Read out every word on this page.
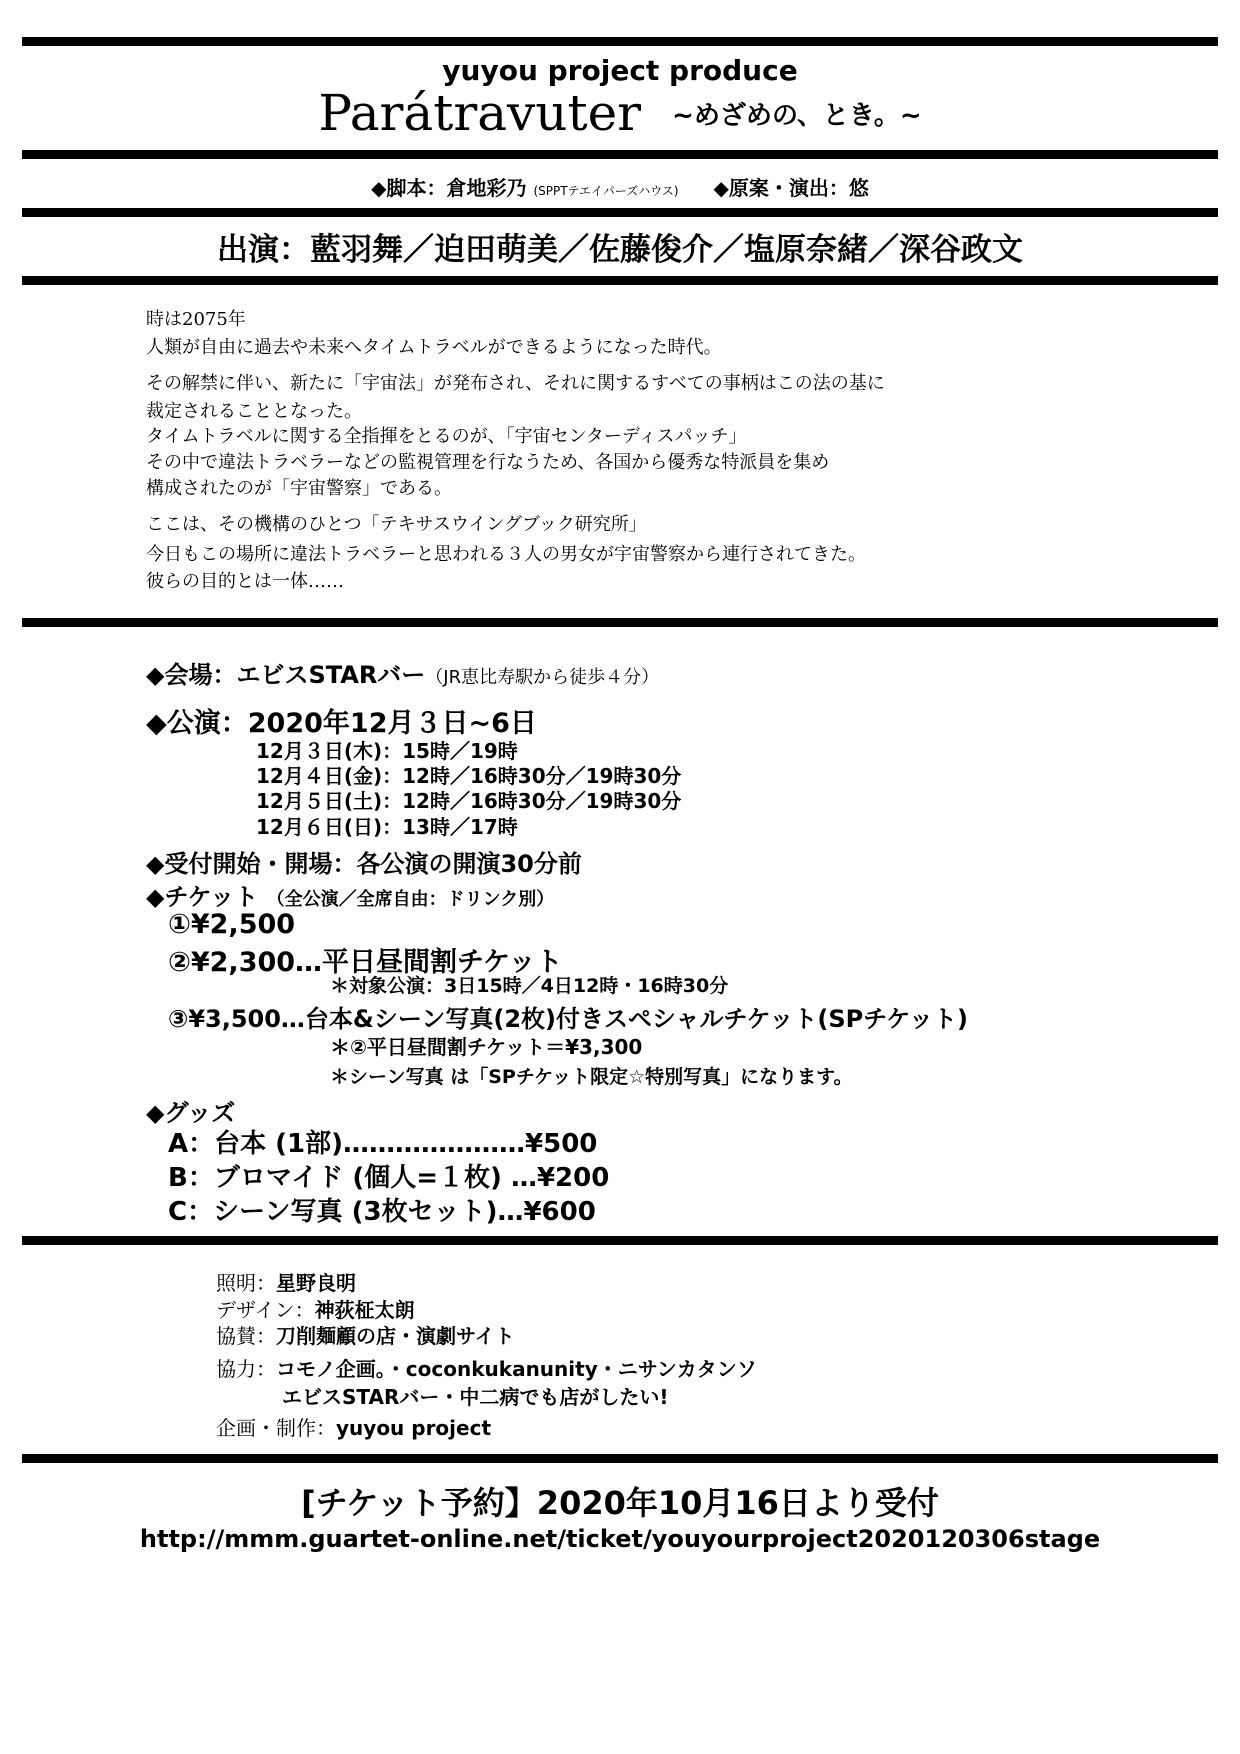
yuyou project produce
Parátravuter ~めざめの、とき。~
◆脚本：倉地彩乃 (SPPTテエイパーズハウス) ◆原案・演出：悠
出演：藍羽舞／迫田萌美／佐藤俊介／塩原奈緒／深谷政文
時は2075年
人類が自由に過去や未来へタイムトラベルができるようになった時代。
その解禁に伴い、新たに「宇宙法」が発布され、それに関するすべての事柄はこの法の基に
裁定されることとなった。
タイムトラベルに関する全指揮をとるのが、「宇宙センターディスパッチ」
その中で違法トラベラーなどの監視管理を行なうため、各国から優秀な特派員を集め
構成されたのが「宇宙警察」である。
ここは、その機構のひとつ「テキサスウイングブック研究所」
今日もこの場所に違法トラベラーと思われる３人の男女が宇宙警察から連行されてきた。
彼らの目的とは一体……
◆会場：エビスSTARバー（JR恵比寿駅から徒歩４分）
◆公演：2020年12月３日~6日
12月３日(木)：15時／19時
12月４日(金)：12時／16時30分／19時30分
12月５日(土)：12時／16時30分／19時30分
12月６日(日)：13時／17時
◆受付開始・開場：各公演の開演30分前
◆チケット （全公演／全席自由：ドリンク別）
①¥2,500
②¥2,300…平日昼間割チケット
＊対象公演：3日15時／4日12時・16時30分
③¥3,500…台本&シーン写真(2枚)付きスペシャルチケット(SPチケット)
＊②平日昼間割チケット＝¥3,300
＊シーン写真 は「SPチケット限定☆特別写真」になります。
◆グッズ
A：台本 (1部)…………………¥500
B：ブロマイド (個人=１枚) …¥200
C：シーン写真 (3枚セット)…¥600
照明：星野良明
デザイン：神荻柾太朗
協賛：刀削麺顧の店・演劇サイト
協力：コモノ企画。・coconkukanunity・ニサンカタンソ
エビスSTARバー・中二病でも店がしたい!
企画・制作：yuyou project
[チケット予約】2020年10月16日より受付
http://mmm.guartet-online.net/ticket/youyourproject2020120306stage
